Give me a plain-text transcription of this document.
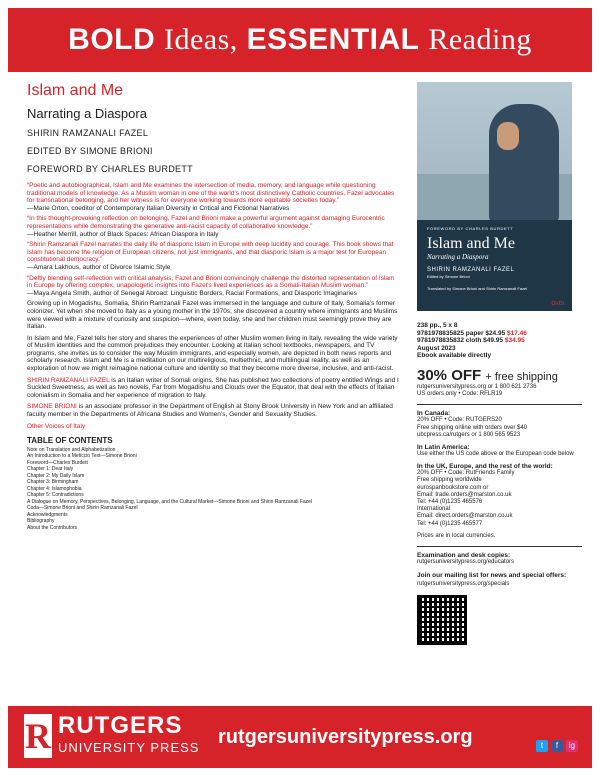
BOLD Ideas, ESSENTIAL Reading
Islam and Me
Narrating a Diaspora
SHIRIN RAMZANALI FAZEL
EDITED BY SIMONE BRIONI
FOREWORD BY CHARLES BURDETT

“Poetic and autobiographical, Islam and Me examines the intersection of media, memory, and language while questioning traditional models of knowledge. As a Muslim woman in one of the world’s most distinctively Catholic countries, Fazel advocates for transnational belonging, and her witness is for everyone working towards more equitable societies today.”
—Marie Orton, coeditor of Contemporary Italian Diversity in Critical and Fictional Narratives

“In this thought-provoking reflection on belonging, Fazel and Brioni make a powerful argument against damaging Eurocentric representations while demonstrating the generative anti-racist capacity of collaborative knowledge.”
—Heather Merrill, author of Black Spaces: African Diaspora in Italy

“Shirin Ramzanali Fazel narrates the daily life of diasporic Islam in Europe with deep lucidity and courage. This book shows that Islam has become the religion of European citizens, not just immigrants, and that diasporic Islam is a major test for European constitutional democracy.”
—Amara Lakhous, author of Divorce Islamic Style

“Deftly blending self-reflection with critical analysis, Fazel and Brioni convincingly challenge the distorted representation of Islam in Europe by offering complex, unapologetic insights into Fazel’s lived experiences as a Somali-Italian Muslim woman.”
—Maya Angela Smith, author of Senegal Abroad: Linguistic Borders, Racial Formations, and Diasporic Imaginaries

Growing up in Mogadishu, Somalia, Shirin Ramzanali Fazel was immersed in the language and culture of Italy, Somalia’s former colonizer. Yet when she moved to Italy as a young mother in the 1970s, she discovered a country where immigrants and Muslims were viewed with a mixture of curiosity and suspicion—where, even today, she and her children must seemingly prove they are Italian.

In Islam and Me, Fazel tells her story and shares the experiences of other Muslim women living in Italy, revealing the wide variety of Muslim identities and the common prejudices they encounter. Looking at Italian school textbooks, newspapers, and TV programs, she invites us to consider the way Muslim immigrants, and especially women, are depicted in both news reports and scholarly research. Islam and Me is a meditation on our multireligious, multiethnic, and multilingual reality, as well as an exploration of how we might reimagine national culture and identity so that they become more diverse, inclusive, and anti-racist.

SHIRIN RAMZANALI FAZEL is an Italian writer of Somali origins. She has published two collections of poetry entitled Wings and I Suckled Sweetness, as well as two novels, Far from Mogadishu and Clouds over the Equator, that deal with the effects of Italian colonialism in Somalia and her experience of migration to Italy.

SIMONE BRIONI is an associate professor in the Department of English at Stony Brook University in New York and an affiliated faculty member in the Departments of Africana Studies and Women’s, Gender and Sexuality Studies.

Other Voices of Italy
TABLE OF CONTENTS
Note on Translation and Alphabetization
An Introduction to a Meticcio Text—Simone Brioni
Foreword—Charles Burdett
Chapter 1: Dear Italy
Chapter 2: My Daily Islam
Chapter 3: Birmingham
Chapter 4: Islamophobia
Chapter 5: Contradictions
A Dialogue on Memory, Perspectives, Belonging, Language, and the Cultural Market—Simone Brioni and Shirin Ramzanali Fazel
Coda—Simone Brioni and Shirin Ramzanali Fazel
Acknowledgments
Bibliography
About the Contributors
FOREWORD BY CHARLES BURDETT
Islam and Me
Narrating a Diaspora
SHIRIN RAMZANALI FAZEL
Edited by Simone Brioni
Translated by Simone Brioni and Shirin Ramzanali Fazel
OVOI

238 pp., 5 x 8

9781978835825 paper $24.95 $17.46

9781978835832 cloth $49.95 $34.95

August 2023

Ebook available directly

30% OFF + free shipping

rutgersuniversitypress.org or 1 800 621 2736

US orders only • Code: RFLR19

In Canada:

20% OFF • Code: RUTGERS20

Free shipping online with orders over $40

ubcpress.ca/rutgers or 1 800 565 9523

In Latin America:

Use either the US code above or the European code below

In the UK, Europe, and the rest of the world:

20% OFF • Code: RutFriends Family

Free shipping worldwide

eurospanbookstore.com or

Email: trade.orders@marston.co.uk

Tel: +44 (0)1235 465576

International

Email: direct.orders@marston.co.uk

Tel: +44 (0)1235 465577

Prices are in local currencies.

Examination and desk copies:

rutgersuniversitypress.org/educators

Join our mailing list for news and special offers: rutgersuniversitypress.org/specials

R RUTGERS
UNIVERSITY PRESS rutgersuniversitypress.org	t	f	ig
